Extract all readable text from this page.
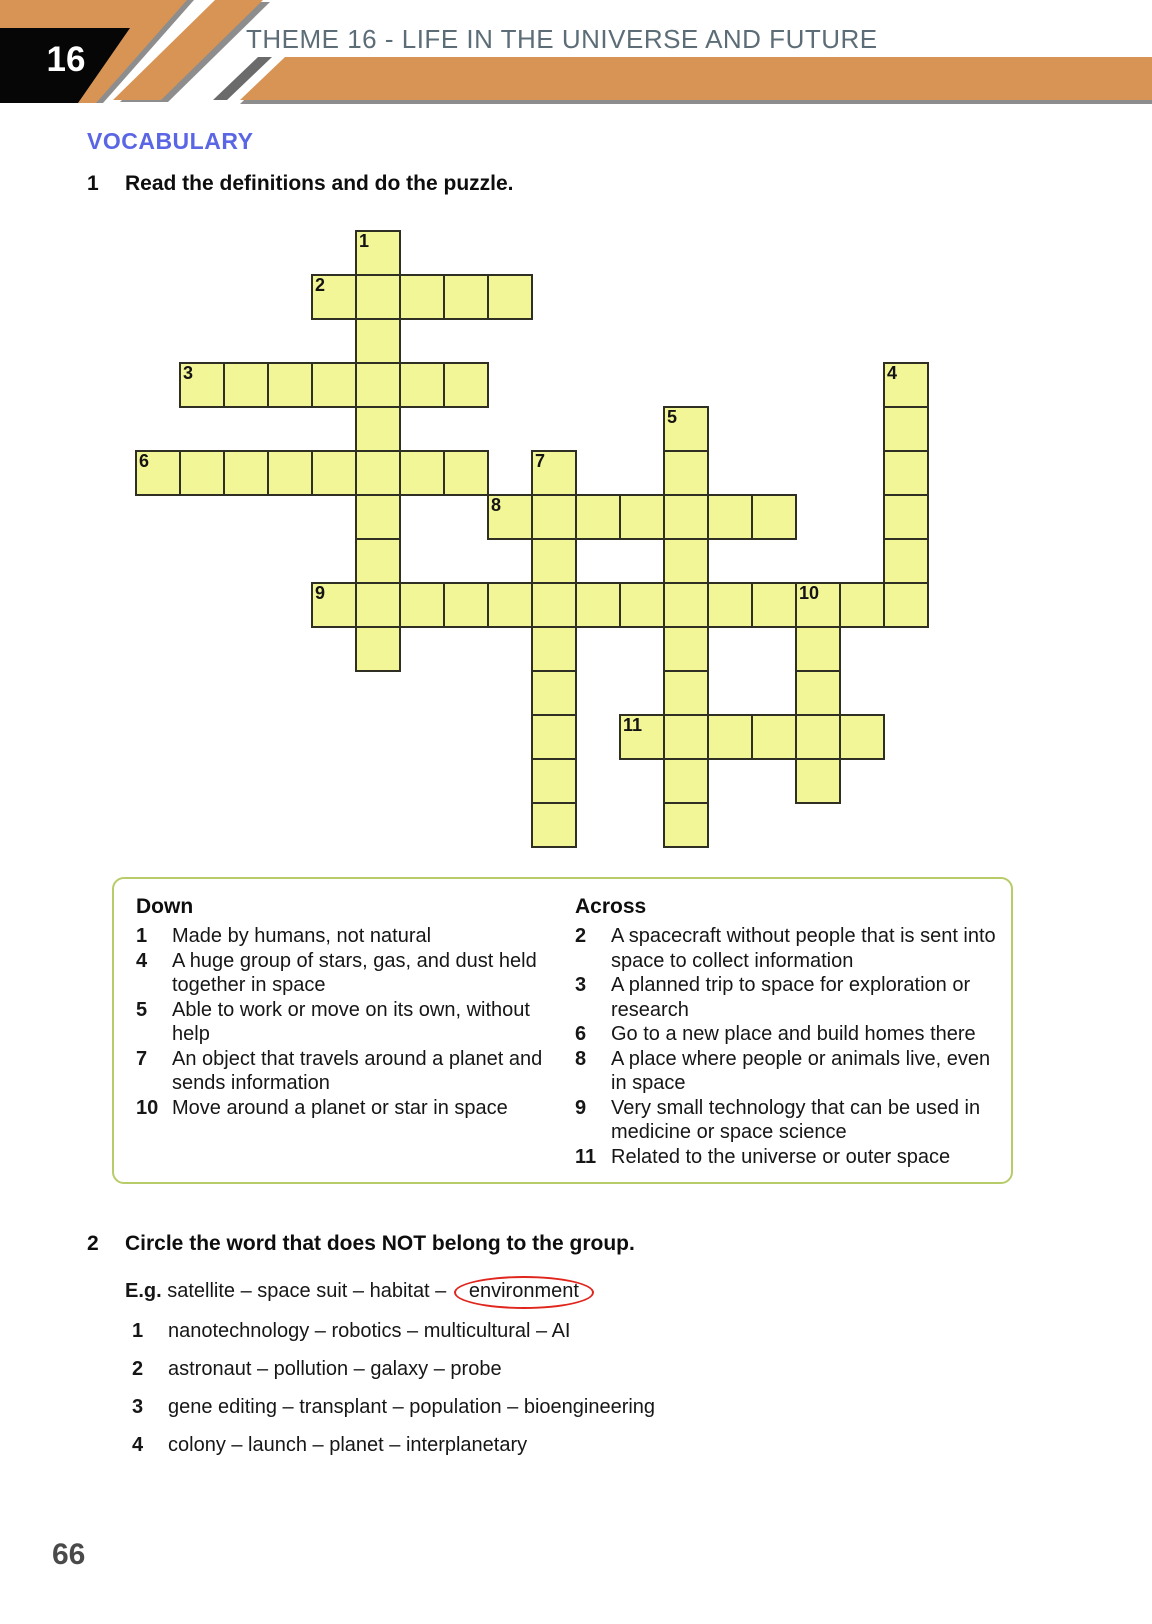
16
THEME 16 - LIFE IN THE UNIVERSE AND FUTURE
VOCABULARY
1 Read the definitions and do the puzzle.
1
2
3	4
5
6	7
8
9	10
11

Down

1	Made by humans, not natural
4	A huge group of stars, gas, and dust held together in space
5	Able to work or move on its own, without help
7	An object that travels around a planet and sends information
10 Move around a planet or star in space

Across

2	A spacecraft without people that is sent into space to collect information
3	A planned trip to space for exploration or research
6	Go to a new place and build homes there
8	A place where people or animals live, even in space
9	Very small technology that can be used in medicine or space science
11 Related to the universe or outer space
2 Circle the word that does NOT belong to the group.
E.g. satellite – space suit – habitat – environment
1	nanotechnology – robotics – multicultural – AI
2	astronaut – pollution – galaxy – probe
3	gene editing – transplant – population – bioengineering
4	colony – launch – planet – interplanetary
66
